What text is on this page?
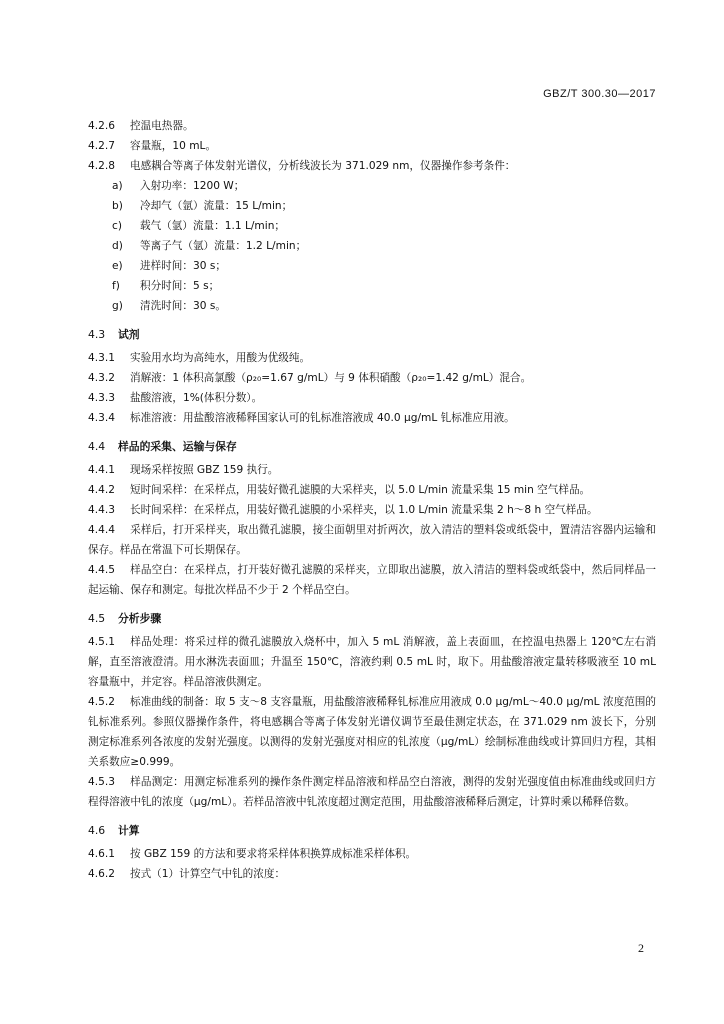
GBZ/T 300.30—2017
4.2.6 控温电热器。
4.2.7 容量瓶，10 mL。
4.2.8 电感耦合等离子体发射光谱仪，分析线波长为 371.029 nm，仪器操作参考条件：
a) 入射功率：1200 W；
b) 冷却气（氩）流量：15 L/min；
c) 载气（氩）流量：1.1 L/min；
d) 等离子气（氩）流量：1.2 L/min；
e) 进样时间：30 s；
f) 积分时间：5 s；
g) 清洗时间：30 s。
4.3 试剂
4.3.1 实验用水均为高纯水，用酸为优级纯。
4.3.2 消解液：1 体积高氯酸（ρ₂₀=1.67 g/mL）与 9 体积硝酸（ρ₂₀=1.42 g/mL）混合。
4.3.3 盐酸溶液，1%(体积分数）。
4.3.4 标准溶液：用盐酸溶液稀释国家认可的钆标准溶液成 40.0 μg/mL 钆标准应用液。
4.4 样品的采集、运输与保存
4.4.1 现场采样按照 GBZ 159 执行。
4.4.2 短时间采样：在采样点，用装好微孔滤膜的大采样夹，以 5.0 L/min 流量采集 15 min 空气样品。
4.4.3 长时间采样：在采样点，用装好微孔滤膜的小采样夹，以 1.0 L/min 流量采集 2 h～8 h 空气样品。
4.4.4 采样后，打开采样夹，取出微孔滤膜，接尘面朝里对折两次，放入清洁的塑料袋或纸袋中，置清洁容器内运输和保存。样品在常温下可长期保存。
4.4.5 样品空白：在采样点，打开装好微孔滤膜的采样夹，立即取出滤膜，放入清洁的塑料袋或纸袋中，然后同样品一起运输、保存和测定。每批次样品不少于 2 个样品空白。
4.5 分析步骤
4.5.1 样品处理：将采过样的微孔滤膜放入烧杯中，加入 5 mL 消解液，盖上表面皿，在控温电热器上 120℃左右消解，直至溶液澄清。用水淋洗表面皿；升温至 150℃，溶液约剩 0.5 mL 时，取下。用盐酸溶液定量转移吸液至 10 mL 容量瓶中，并定容。样品溶液供测定。
4.5.2 标准曲线的制备：取 5 支～8 支容量瓶，用盐酸溶液稀释钆标准应用液成 0.0 μg/mL～40.0 μg/mL 浓度范围的钆标准系列。参照仪器操作条件，将电感耦合等离子体发射光谱仪调节至最佳测定状态，在 371.029 nm 波长下，分别测定标准系列各浓度的发射光强度。以测得的发射光强度对相应的钆浓度（μg/mL）绘制标准曲线或计算回归方程，其相关系数应≥0.999。
4.5.3 样品测定：用测定标准系列的操作条件测定样品溶液和样品空白溶液，测得的发射光强度值由标准曲线或回归方程得溶液中钆的浓度（μg/mL）。若样品溶液中钆浓度超过测定范围，用盐酸溶液稀释后测定，计算时乘以稀释倍数。
4.6 计算
4.6.1 按 GBZ 159 的方法和要求将采样体积换算成标准采样体积。
4.6.2 按式（1）计算空气中钆的浓度：
2
